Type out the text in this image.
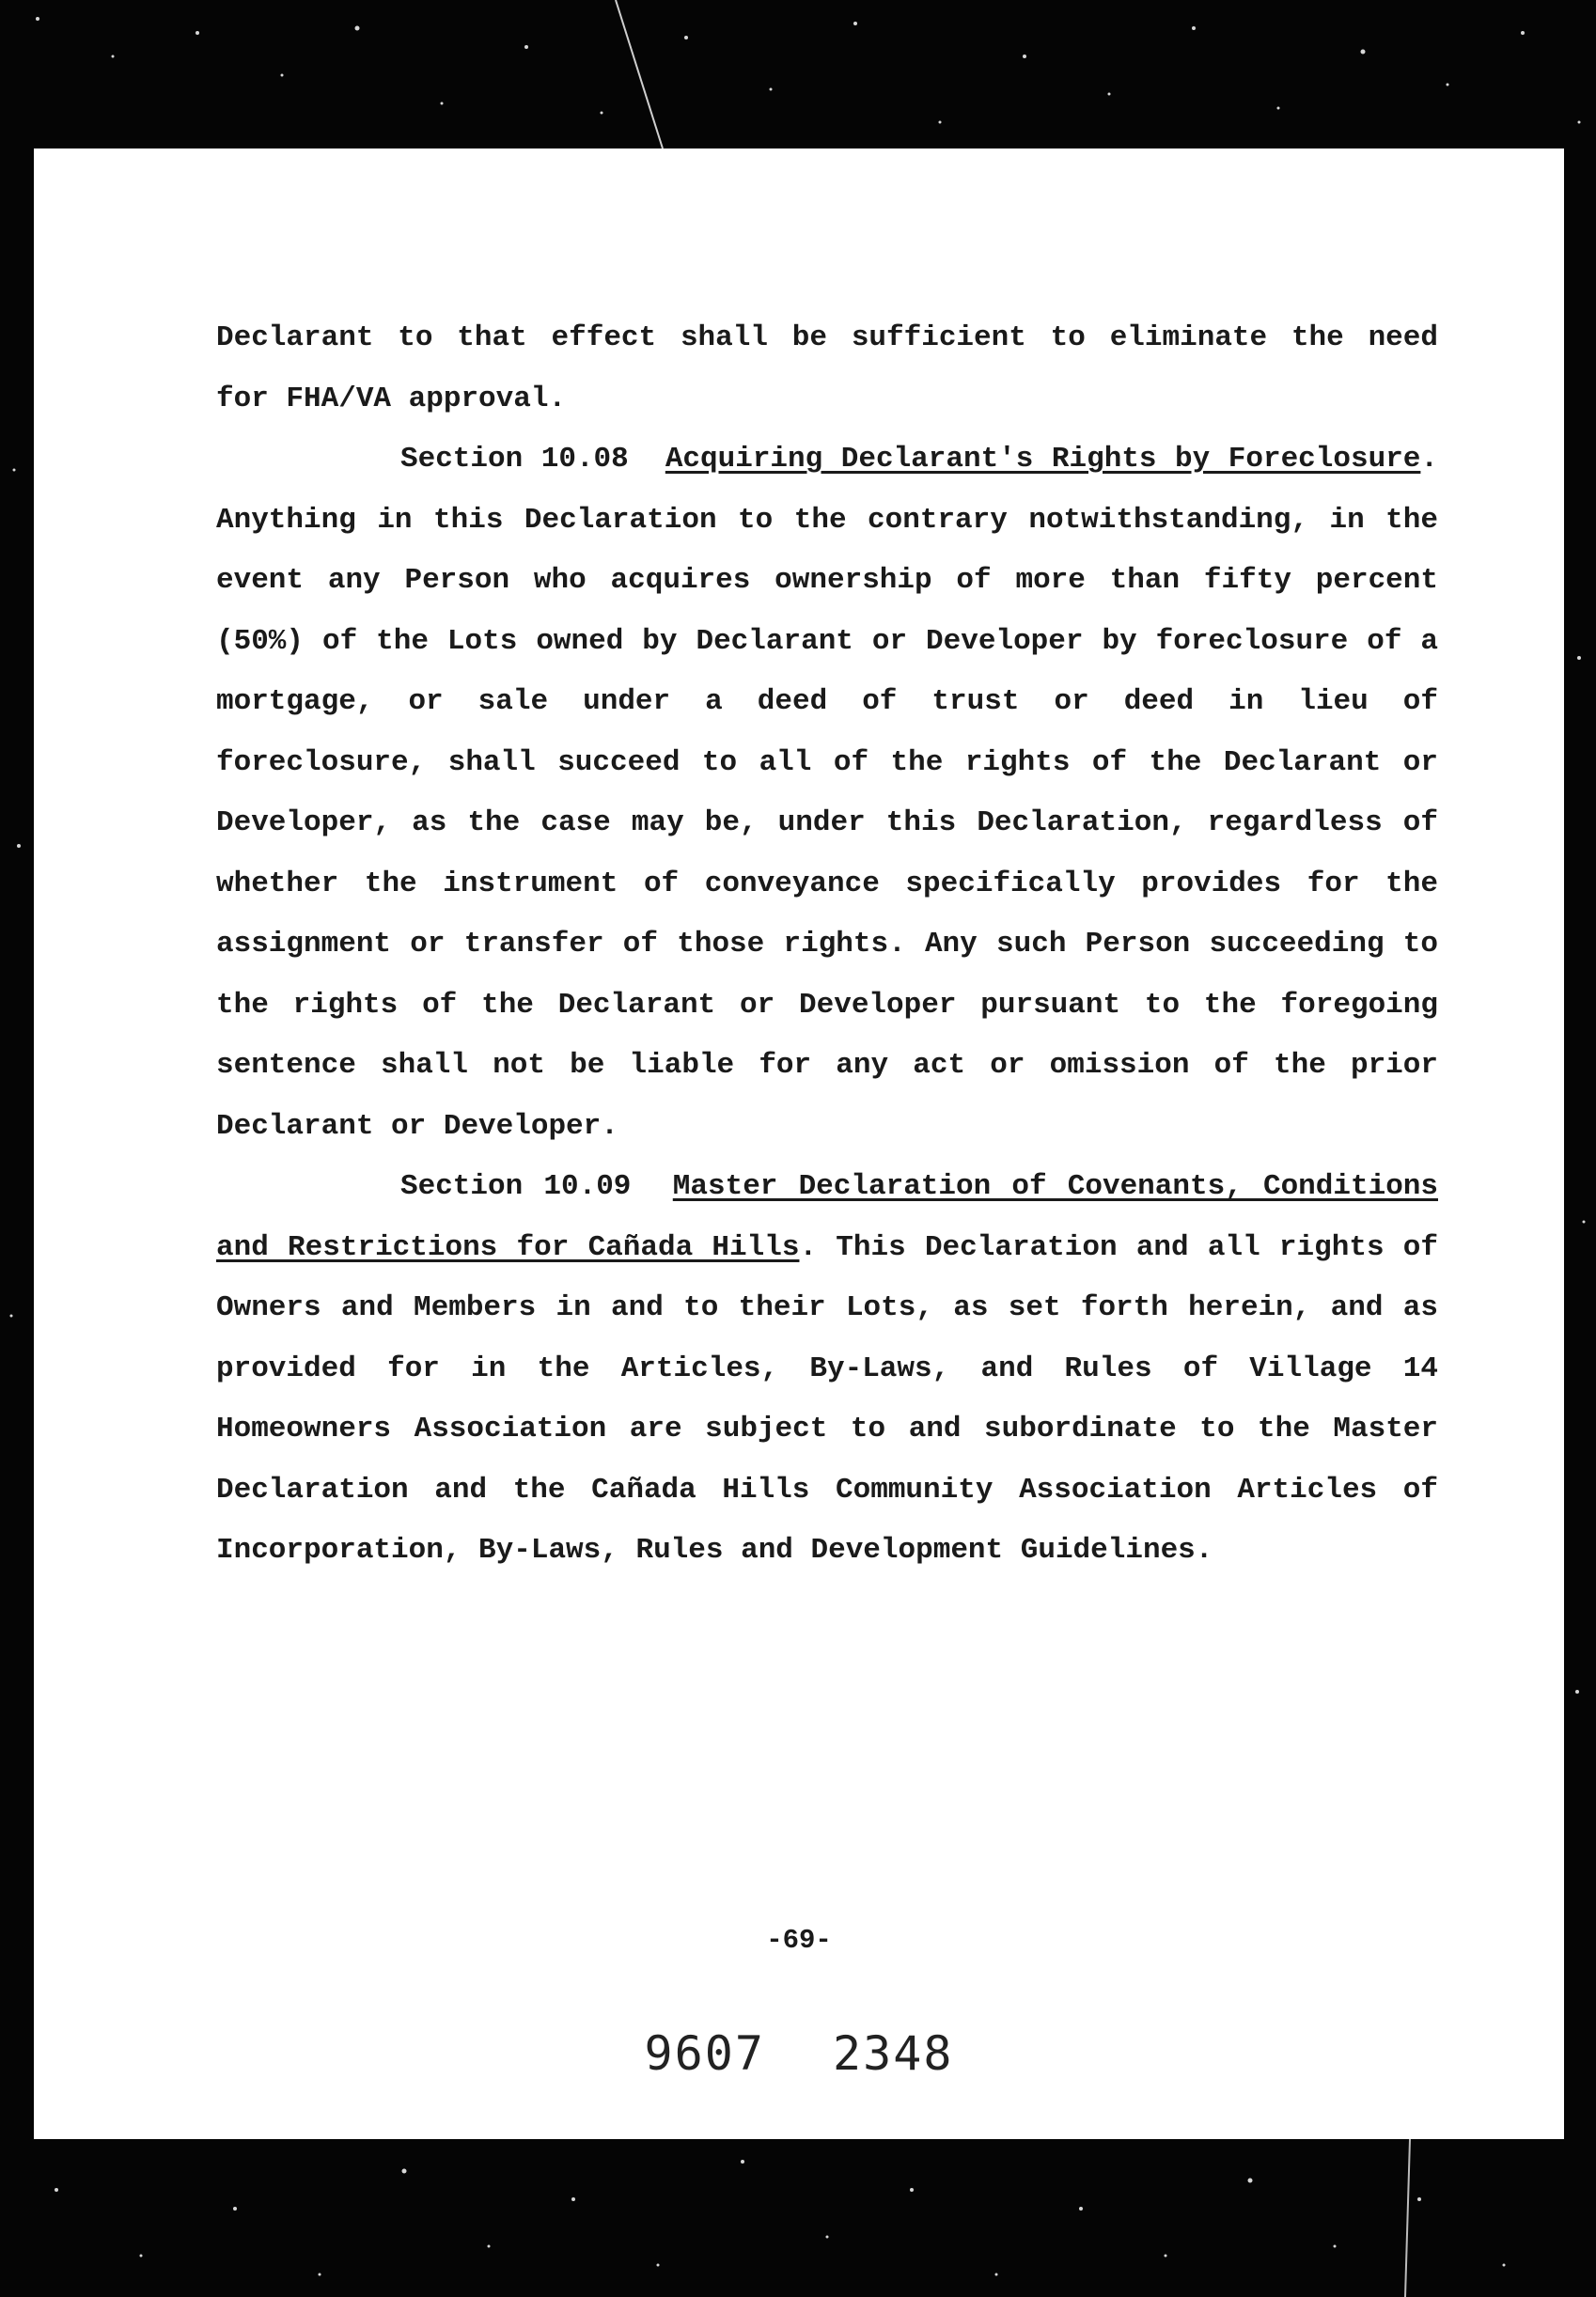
Declarant to that effect shall be sufficient to eliminate the need for FHA/VA approval.

Section 10.08 Acquiring Declarant's Rights by Foreclosure. Anything in this Declaration to the contrary notwithstanding, in the event any Person who acquires ownership of more than fifty percent (50%) of the Lots owned by Declarant or Developer by foreclosure of a mortgage, or sale under a deed of trust or deed in lieu of foreclosure, shall succeed to all of the rights of the Declarant or Developer, as the case may be, under this Declaration, regardless of whether the instrument of conveyance specifically provides for the assignment or transfer of those rights. Any such Person succeeding to the rights of the Declarant or Developer pursuant to the foregoing sentence shall not be liable for any act or omission of the prior Declarant or Developer.

Section 10.09 Master Declaration of Covenants, Conditions and Restrictions for Cañada Hills. This Declaration and all rights of Owners and Members in and to their Lots, as set forth herein, and as provided for in the Articles, By-Laws, and Rules of Village 14 Homeowners Association are subject to and subordinate to the Master Declaration and the Cañada Hills Community Association Articles of Incorporation, By-Laws, Rules and Development Guidelines.

-69-
9607 2348
